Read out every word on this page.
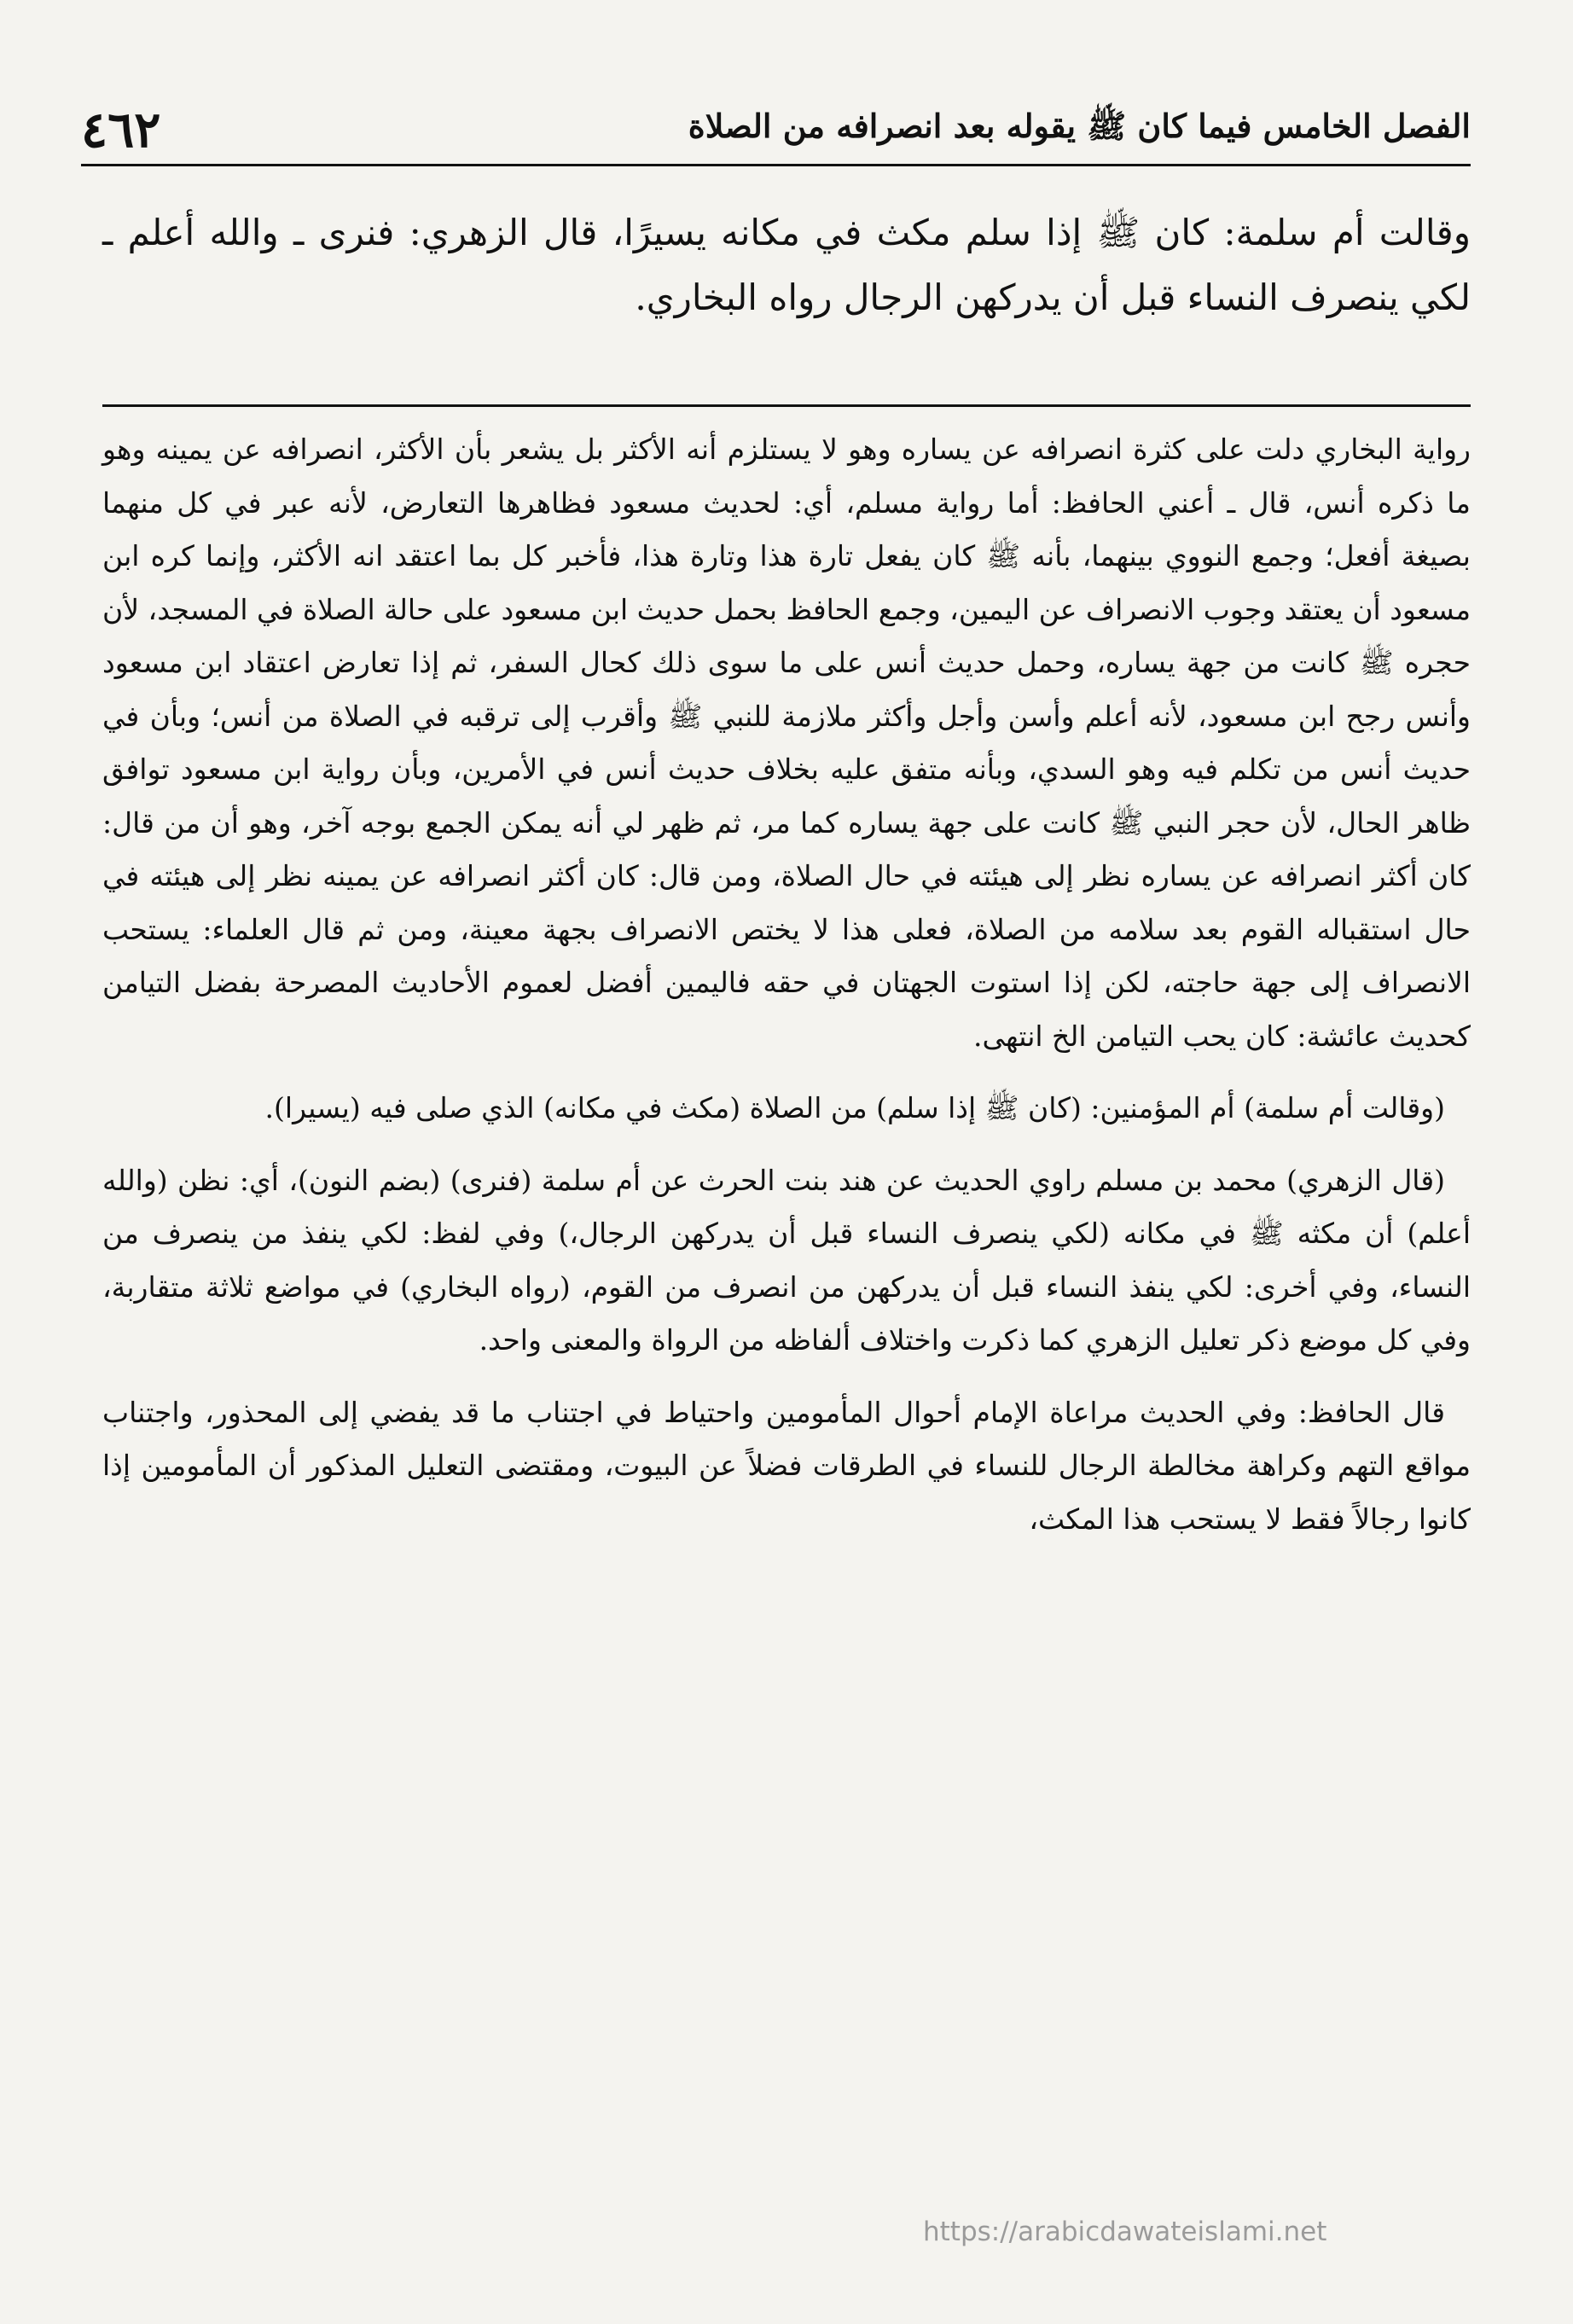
٤٦٢	الفصل الخامس فيما كان ﷺ يقوله بعد انصرافه من الصلاة

وقالت أم سلمة: كان ﷺ إذا سلم مكث في مكانه يسيرًا، قال الزهري: فنرى ـ والله أعلم ـ لكي ينصرف النساء قبل أن يدركهن الرجال رواه البخاري.

رواية البخاري دلت على كثرة انصرافه عن يساره وهو لا يستلزم أنه الأكثر بل يشعر بأن الأكثر، انصرافه عن يمينه وهو ما ذكره أنس، قال ـ أعني الحافظ: أما رواية مسلم، أي: لحديث مسعود فظاهرها التعارض، لأنه عبر في كل منهما بصيغة أفعل؛ وجمع النووي بينهما، بأنه ﷺ كان يفعل تارة هذا وتارة هذا، فأخبر كل بما اعتقد انه الأكثر، وإنما كره ابن مسعود أن يعتقد وجوب الانصراف عن اليمين، وجمع الحافظ بحمل حديث ابن مسعود على حالة الصلاة في المسجد، لأن حجره ﷺ كانت من جهة يساره، وحمل حديث أنس على ما سوى ذلك كحال السفر، ثم إذا تعارض اعتقاد ابن مسعود وأنس رجح ابن مسعود، لأنه أعلم وأسن وأجل وأكثر ملازمة للنبي ﷺ وأقرب إلى ترقبه في الصلاة من أنس؛ وبأن في حديث أنس من تكلم فيه وهو السدي، وبأنه متفق عليه بخلاف حديث أنس في الأمرين، وبأن رواية ابن مسعود توافق ظاهر الحال، لأن حجر النبي ﷺ كانت على جهة يساره كما مر، ثم ظهر لي أنه يمكن الجمع بوجه آخر، وهو أن من قال: كان أكثر انصرافه عن يساره نظر إلى هيئته في حال الصلاة، ومن قال: كان أكثر انصرافه عن يمينه نظر إلى هيئته في حال استقباله القوم بعد سلامه من الصلاة، فعلى هذا لا يختص الانصراف بجهة معينة، ومن ثم قال العلماء: يستحب الانصراف إلى جهة حاجته، لكن إذا استوت الجهتان في حقه فاليمين أفضل لعموم الأحاديث المصرحة بفضل التيامن كحديث عائشة: كان يحب التيامن الخ انتهى.

(وقالت أم سلمة) أم المؤمنين: (كان ﷺ إذا سلم) من الصلاة (مكث في مكانه) الذي صلى فيه (يسيرا).

(قال الزهري) محمد بن مسلم راوي الحديث عن هند بنت الحرث عن أم سلمة (فنرى) (بضم النون)، أي: نظن (والله أعلم) أن مكثه ﷺ في مكانه (لكي ينصرف النساء قبل أن يدركهن الرجال،) وفي لفظ: لكي ينفذ من ينصرف من النساء، وفي أخرى: لكي ينفذ النساء قبل أن يدركهن من انصرف من القوم، (رواه البخاري) في مواضع ثلاثة متقاربة، وفي كل موضع ذكر تعليل الزهري كما ذكرت واختلاف ألفاظه من الرواة والمعنى واحد.

قال الحافظ: وفي الحديث مراعاة الإمام أحوال المأمومين واحتياط في اجتناب ما قد يفضي إلى المحذور، واجتناب مواقع التهم وكراهة مخالطة الرجال للنساء في الطرقات فضلاً عن البيوت، ومقتضى التعليل المذكور أن المأمومين إذا كانوا رجالاً فقط لا يستحب هذا المكث،

https://arabicdawateislami.net
